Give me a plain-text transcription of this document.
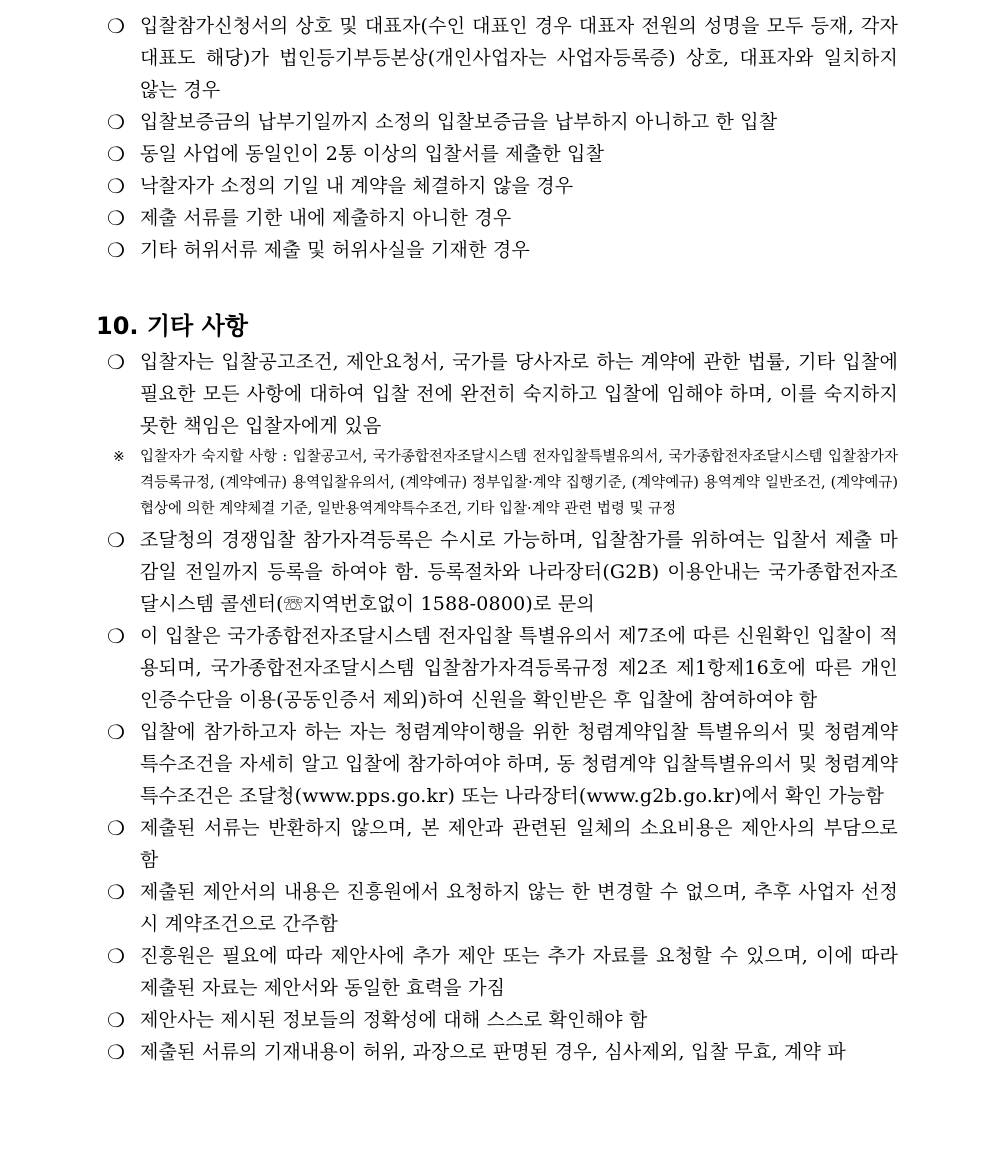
❍ 입찰참가신청서의 상호 및 대표자(수인 대표인 경우 대표자 전원의 성명을 모두 등재, 각자 대표도 해당)가 법인등기부등본상(개인사업자는 사업자등록증) 상호, 대표자와 일치하지 않는 경우
❍ 입찰보증금의 납부기일까지 소정의 입찰보증금을 납부하지 아니하고 한 입찰
❍ 동일 사업에 동일인이 2통 이상의 입찰서를 제출한 입찰
❍ 낙찰자가 소정의 기일 내 계약을 체결하지 않을 경우
❍ 제출 서류를 기한 내에 제출하지 아니한 경우
❍ 기타 허위서류 제출 및 허위사실을 기재한 경우
10. 기타 사항
❍ 입찰자는 입찰공고조건, 제안요청서, 국가를 당사자로 하는 계약에 관한 법률, 기타 입찰에 필요한 모든 사항에 대하여 입찰 전에 완전히 숙지하고 입찰에 임해야 하며, 이를 숙지하지 못한 책임은 입찰자에게 있음
※ 입찰자가 숙지할 사항 : 입찰공고서, 국가종합전자조달시스템 전자입찰특별유의서, 국가종합전자조달시스템 입찰참가자격등록규정, (계약예규) 용역입찰유의서, (계약예규) 정부입찰·계약 집행기준, (계약예규) 용역계약 일반조건, (계약예규) 협상에 의한 계약체결 기준, 일반용역계약특수조건, 기타 입찰·계약 관련 법령 및 규정
❍ 조달청의 경쟁입찰 참가자격등록은 수시로 가능하며, 입찰참가를 위하여는 입찰서 제출 마감일 전일까지 등록을 하여야 함. 등록절차와 나라장터(G2B) 이용안내는 국가종합전자조달시스템 콜센터(☏지역번호없이 1588-0800)로 문의
❍ 이 입찰은 국가종합전자조달시스템 전자입찰 특별유의서 제7조에 따른 신원확인 입찰이 적용되며, 국가종합전자조달시스템 입찰참가자격등록규정 제2조 제1항제16호에 따른 개인인증수단을 이용(공동인증서 제외)하여 신원을 확인받은 후 입찰에 참여하여야 함
❍ 입찰에 참가하고자 하는 자는 청렴계약이행을 위한 청렴계약입찰 특별유의서 및 청렴계약 특수조건을 자세히 알고 입찰에 참가하여야 하며, 동 청렴계약 입찰특별유의서 및 청렴계약 특수조건은 조달청(www.pps.go.kr) 또는 나라장터(www.g2b.go.kr)에서 확인 가능함
❍ 제출된 서류는 반환하지 않으며, 본 제안과 관련된 일체의 소요비용은 제안사의 부담으로 함
❍ 제출된 제안서의 내용은 진흥원에서 요청하지 않는 한 변경할 수 없으며, 추후 사업자 선정 시 계약조건으로 간주함
❍ 진흥원은 필요에 따라 제안사에 추가 제안 또는 추가 자료를 요청할 수 있으며, 이에 따라 제출된 자료는 제안서와 동일한 효력을 가짐
❍ 제안사는 제시된 정보들의 정확성에 대해 스스로 확인해야 함
❍ 제출된 서류의 기재내용이 허위, 과장으로 판명된 경우, 심사제외, 입찰 무효, 계약 파
